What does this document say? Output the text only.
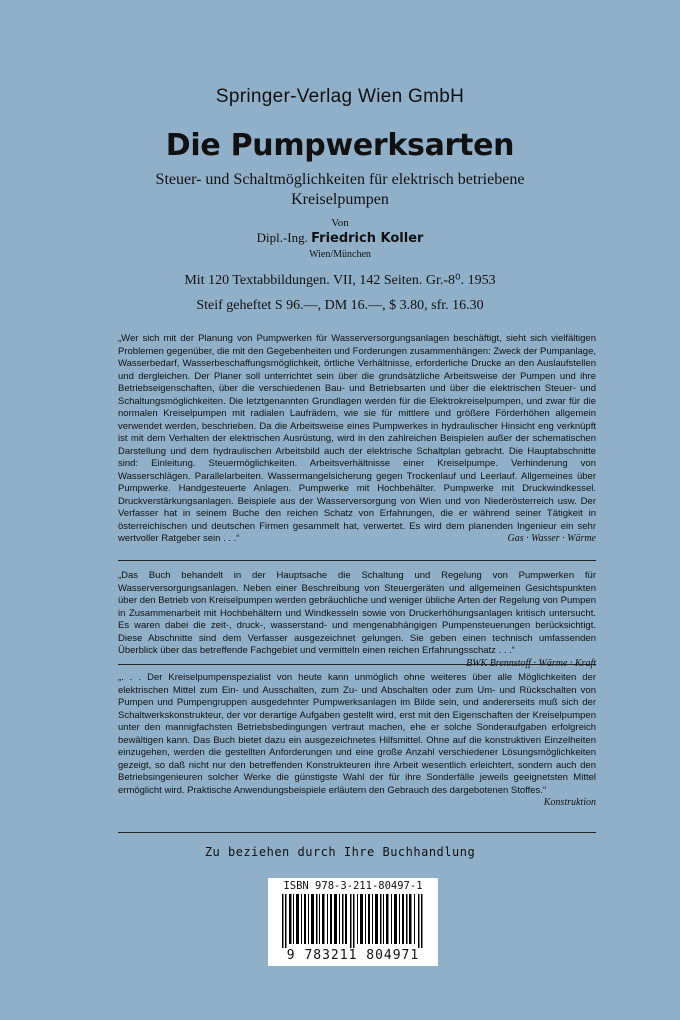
Springer-Verlag Wien GmbH
Die Pumpwerksarten
Steuer- und Schaltmöglichkeiten für elektrisch betriebene Kreiselpumpen
Von
Dipl.-Ing. Friedrich Koller
Wien/München
Mit 120 Textabbildungen. VII, 142 Seiten. Gr.-8⁰. 1953
Steif geheftet S 96.—, DM 16.—, $ 3.80, sfr. 16.30
„Wer sich mit der Planung von Pumpwerken für Wasserversorgungsanlagen beschäftigt, sieht sich vielfältigen Problemen gegenüber, die mit den Gegebenheiten und Forderungen zusammenhängen: Zweck der Pumpanlage, Wasserbedarf, Wasserbeschaffungsmöglichkeit, örtliche Verhältnisse, erforderliche Drucke an den Auslaufstellen und dergleichen. Der Planer soll unterrichtet sein über die grundsätzliche Arbeitsweise der Pumpen und ihre Betriebseigenschaften, über die verschiedenen Bau- und Betriebsarten und über die elektrischen Steuer- und Schaltungsmöglichkeiten. Die letztgenannten Grundlagen werden für die Elektrokreiselpumpen, und zwar für die normalen Kreiselpumpen mit radialen Laufrädern, wie sie für mittlere und größere Förderhöhen allgemein verwendet werden, beschrieben. Da die Arbeitsweise eines Pumpwerkes in hydraulischer Hinsicht eng verknüpft ist mit dem Verhalten der elektrischen Ausrüstung, wird in den zahlreichen Beispielen außer der schematischen Darstellung und dem hydraulischen Arbeitsbild auch der elektrische Schaltplan gebracht. Die Hauptabschnitte sind: Einleitung. Steuermöglichkeiten. Arbeitsverhältnisse einer Kreiselpumpe. Verhinderung von Wasserschlägen. Parallelarbeiten. Wassermangelsicherung gegen Trockenlauf und Leerlauf. Allgemeines über Pumpwerke. Handgesteuerte Anlagen. Pumpwerke mit Hochbehälter. Pumpwerke mit Druckwindkessel. Druckverstärkungsanlagen. Beispiele aus der Wasserversorgung von Wien und von Niederösterreich usw. Der Verfasser hat in seinem Buche den reichen Schatz von Erfahrungen, die er während seiner Tätigkeit in österreichischen und deutschen Firmen gesammelt hat, verwertet. Es wird dem planenden Ingenieur ein sehr wertvoller Ratgeber sein . . .“	Gas · Wasser · Wärme
„Das Buch behandelt in der Hauptsache die Schaltung und Regelung von Pumpwerken für Wasserversorgungsanlagen. Neben einer Beschreibung von Steuergeräten und allgemeinen Gesichtspunkten über den Betrieb von Kreiselpumpen werden gebräuchliche und weniger übliche Arten der Regelung von Pumpen in Zusammenarbeit mit Hochbehältern und Windkesseln sowie von Druckerhöhungsanlagen kritisch untersucht. Es waren dabei die zeit-, druck-, wasserstand- und mengenabhängigen Pumpensteuerungen berücksichtigt. Diese Abschnitte sind dem Verfasser ausgezeichnet gelungen. Sie geben einen technisch umfassenden Überblick über das betreffende Fachgebiet und vermitteln einen reichen Erfahrungsschatz . . .“
BWK Brennstoff · Wärme · Kraft
„. . . Der Kreiselpumpenspezialist von heute kann unmöglich ohne weiteres über alle Möglichkeiten der elektrischen Mittel zum Ein- und Ausschalten, zum Zu- und Abschalten oder zum Um- und Rückschalten von Pumpen und Pumpengruppen ausgedehnter Pumpwerksanlagen im Bilde sein, und andererseits muß sich der Schaltwerkskonstrukteur, der vor derartige Aufgaben gestellt wird, erst mit den Eigenschaften der Kreiselpumpen unter den mannigfachsten Betriebsbedingungen vertraut machen, ehe er solche Sonderaufgaben erfolgreich bewältigen kann. Das Buch bietet dazu ein ausgezeichnetes Hilfsmittel. Ohne auf die konstruktiven Einzelheiten einzugehen, werden die gestellten Anforderungen und eine große Anzahl verschiedener Lösungsmöglichkeiten gezeigt, so daß nicht nur den betreffenden Konstrukteuren ihre Arbeit wesentlich erleichtert, sondern auch den Betriebsingenieuren solcher Werke die günstigste Wahl der für ihre Sonderfälle jeweils geeignetsten Mittel ermöglicht wird. Praktische Anwendungsbeispiele erläutern den Gebrauch des dargebotenen Stoffes.“
Konstruktion
Zu beziehen durch Ihre Buchhandlung
ISBN 978-3-211-80497-1
9 783211 804971
